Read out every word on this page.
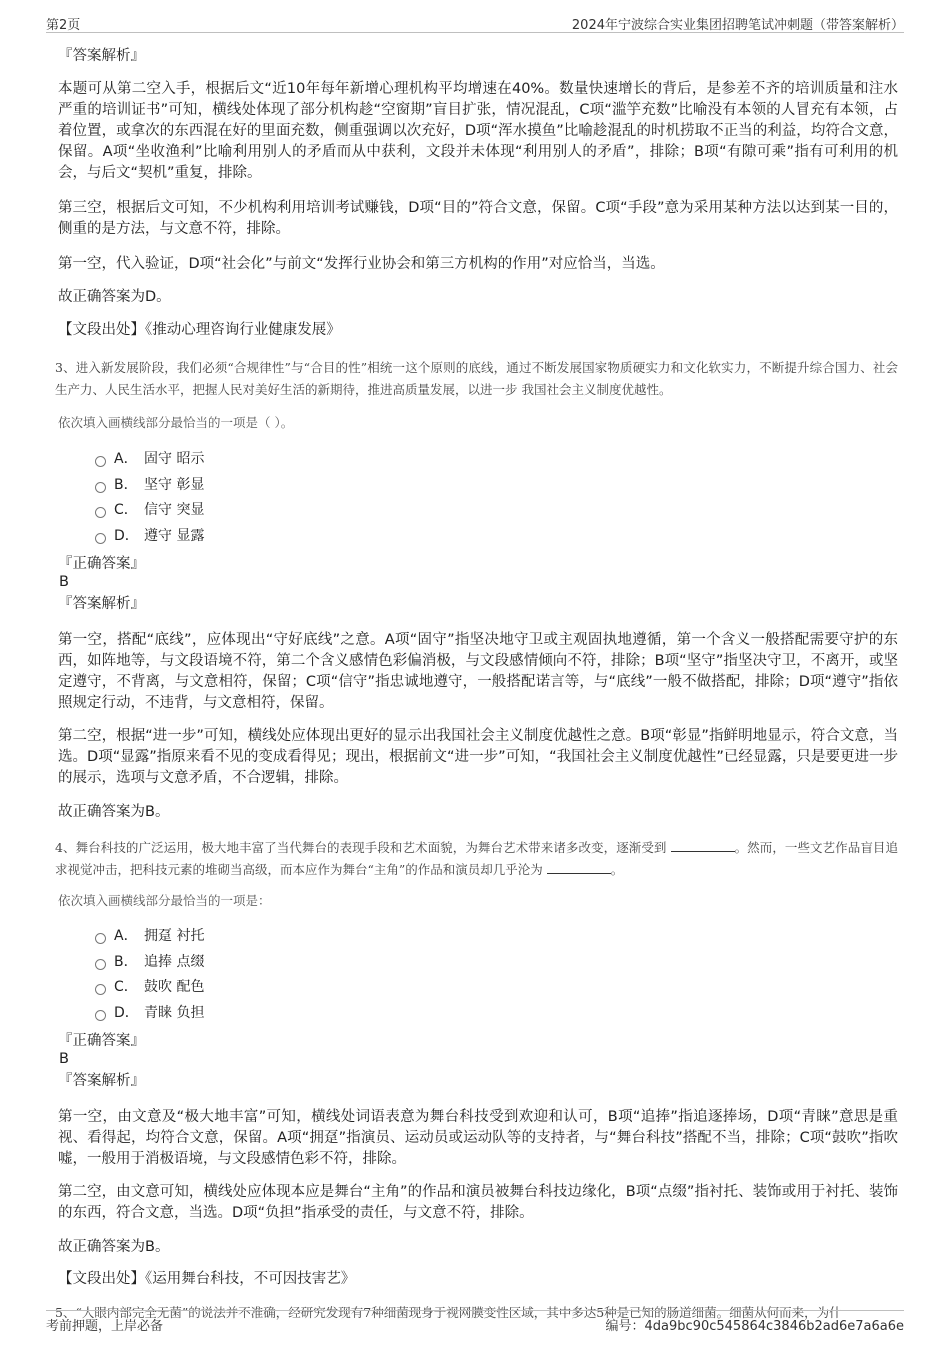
第2页	2024年宁波综合实业集团招聘笔试冲刺题（带答案解析）

『答案解析』

本题可从第二空入手，根据后文“近10年每年新增心理机构平均增速在40%。数量快速增长的背后，是参差不齐的培训质量和注水严重的培训证书”可知，横线处体现了部分机构趁“空窗期”盲目扩张，情况混乱，C项“滥竽充数”比喻没有本领的人冒充有本领，占着位置，或拿次的东西混在好的里面充数，侧重强调以次充好，D项“浑水摸鱼”比喻趁混乱的时机捞取不正当的利益，均符合文意，保留。A项“坐收渔利”比喻利用别人的矛盾而从中获利，文段并未体现“利用别人的矛盾”，排除；B项“有隙可乘”指有可利用的机会，与后文“契机”重复，排除。

第三空，根据后文可知，不少机构利用培训考试赚钱，D项“目的”符合文意，保留。C项“手段”意为采用某种方法以达到某一目的，侧重的是方法，与文意不符，排除。

第一空，代入验证，D项“社会化”与前文“发挥行业协会和第三方机构的作用”对应恰当，当选。

故正确答案为D。

【文段出处】《推动心理咨询行业健康发展》

3、进入新发展阶段，我们必须“合规律性”与“合目的性”相统一这个原则的底线，通过不断发展国家物质硬实力和文化软实力，不断提升综合国力、社会生产力、人民生活水平，把握人民对美好生活的新期待，推进高质量发展，以进一步 我国社会主义制度优越性。

依次填入画横线部分最恰当的一项是（ ）。

A． 固守 昭示
B． 坚守 彰显
C． 信守 突显
D． 遵守 显露

『正确答案』

B

『答案解析』

第一空，搭配“底线”，应体现出“守好底线”之意。A项“固守”指坚决地守卫或主观固执地遵循，第一个含义一般搭配需要守护的东西，如阵地等，与文段语境不符，第二个含义感情色彩偏消极，与文段感情倾向不符，排除；B项“坚守”指坚决守卫，不离开，或坚定遵守，不背离，与文意相符，保留；C项“信守”指忠诚地遵守，一般搭配诺言等，与“底线”一般不做搭配，排除；D项“遵守”指依照规定行动，不违背，与文意相符，保留。

第二空，根据“进一步”可知，横线处应体现出更好的显示出我国社会主义制度优越性之意。B项“彰显”指鲜明地显示，符合文意，当选。D项“显露”指原来看不见的变成看得见；现出，根据前文“进一步”可知，“我国社会主义制度优越性”已经显露，只是要更进一步的展示，选项与文意矛盾，不合逻辑，排除。

故正确答案为B。

4、舞台科技的广泛运用，极大地丰富了当代舞台的表现手段和艺术面貌，为舞台艺术带来诸多改变，逐渐受到	。然而，一些文艺作品盲目追求视觉冲击，把科技元素的堆砌当高级，而本应作为舞台“主角”的作品和演员却几乎沦为	。

依次填入画横线部分最恰当的一项是：

A． 拥趸 衬托
B． 追捧 点缀
C． 鼓吹 配色
D． 青睐 负担

『正确答案』

B

『答案解析』

第一空，由文意及“极大地丰富”可知，横线处词语表意为舞台科技受到欢迎和认可，B项“追捧”指追逐捧场，D项“青睐”意思是重视、看得起，均符合文意，保留。A项“拥趸”指演员、运动员或运动队等的支持者，与“舞台科技”搭配不当，排除；C项“鼓吹”指吹嘘，一般用于消极语境，与文段感情色彩不符，排除。

第二空，由文意可知，横线处应体现本应是舞台“主角”的作品和演员被舞台科技边缘化，B项“点缀”指衬托、装饰或用于衬托、装饰的东西，符合文意，当选。D项“负担”指承受的责任，与文意不符，排除。

故正确答案为B。

【文段出处】《运用舞台科技，不可因技害艺》

5、“人眼内部完全无菌”的说法并不准确，经研究发现有7种细菌现身于视网膜变性区域，其中多达5种是已知的肠道细菌。细菌从何而来，为什

考前押题，上岸必备	编号：4da9bc90c545864c3846b2ad6e7a6a6e
